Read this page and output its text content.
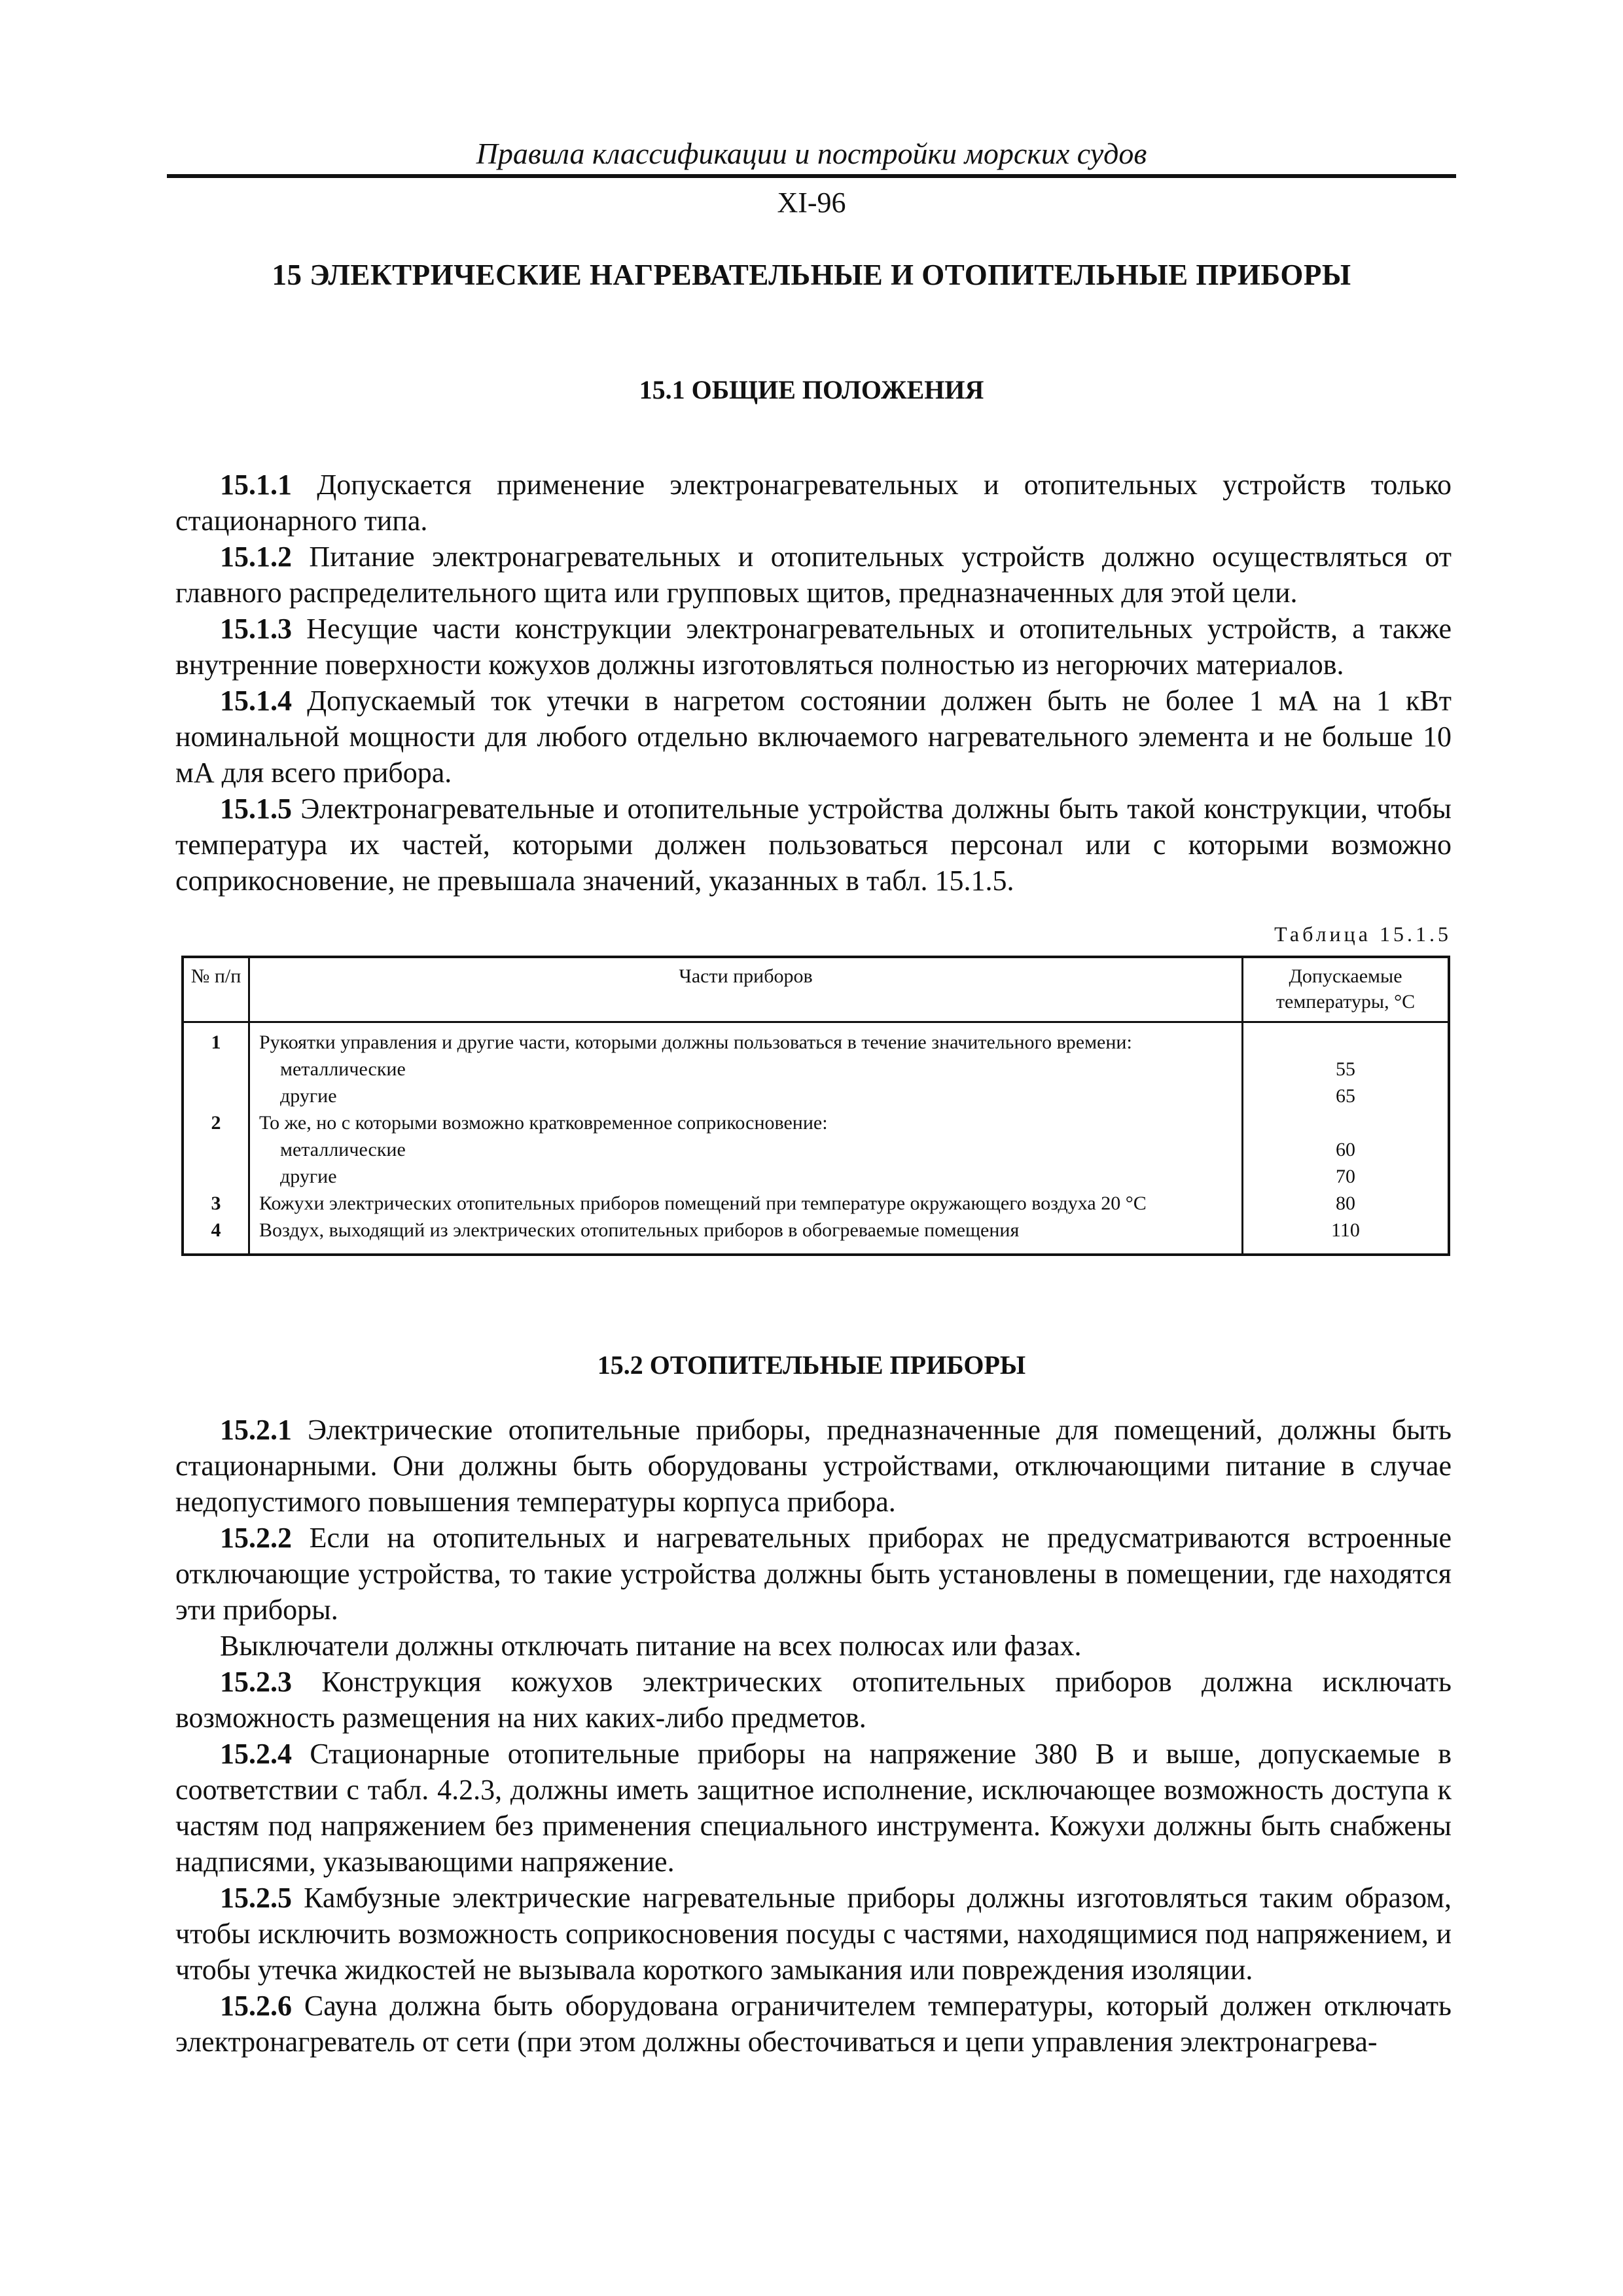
Правила классификации и постройки морских судов
XI-96
15 ЭЛЕКТРИЧЕСКИЕ НАГРЕВАТЕЛЬНЫЕ И ОТОПИТЕЛЬНЫЕ ПРИБОРЫ
15.1 ОБЩИЕ ПОЛОЖЕНИЯ

15.1.1 Допускается применение электронагревательных и отопительных устройств только стационарного типа.

15.1.2 Питание электронагревательных и отопительных устройств должно осуществляться от главного распределительного щита или групповых щитов, предназначенных для этой цели.

15.1.3 Несущие части конструкции электронагревательных и отопительных устройств, а также внутренние поверхности кожухов должны изготовляться полностью из негорючих материалов.

15.1.4 Допускаемый ток утечки в нагретом состоянии должен быть не более 1 мА на 1 кВт номинальной мощности для любого отдельно включаемого нагревательного элемента и не больше 10 мА для всего прибора.

15.1.5 Электронагревательные и отопительные устройства должны быть такой конструкции, чтобы температура их частей, которыми должен пользоваться персонал или с которыми возможно соприкосновение, не превышала значений, указанных в табл. 15.1.5.

Таблица 15.1.5
№ п/п	Части приборов	Допускаемые температуры, °С
1	Рукоятки управления и другие части, которыми должны пользоваться в течение значительного времени:	
	металлические	55
	другие	65
2	То же, но с которыми возможно кратковременное соприкосновение:	
	металлические	60
	другие	70
3	Кожухи электрических отопительных приборов помещений при температуре окружающего воздуха 20 °С	80
4	Воздух, выходящий из электрических отопительных приборов в обогреваемые помещения	110
15.2 ОТОПИТЕЛЬНЫЕ ПРИБОРЫ

15.2.1 Электрические отопительные приборы, предназначенные для помещений, должны быть стационарными. Они должны быть оборудованы устройствами, отключающими питание в случае недопустимого повышения температуры корпуса прибора.

15.2.2 Если на отопительных и нагревательных приборах не предусматриваются встроенные отключающие устройства, то такие устройства должны быть установлены в помещении, где находятся эти приборы.

Выключатели должны отключать питание на всех полюсах или фазах.

15.2.3 Конструкция кожухов электрических отопительных приборов должна исключать возможность размещения на них каких-либо предметов.

15.2.4 Стационарные отопительные приборы на напряжение 380 В и выше, допускаемые в соответствии с табл. 4.2.3, должны иметь защитное исполнение, исключающее возможность доступа к частям под напряжением без применения специального инструмента. Кожухи должны быть снабжены надписями, указывающими напряжение.

15.2.5 Камбузные электрические нагревательные приборы должны изготовляться таким образом, чтобы исключить возможность соприкосновения посуды с частями, находящимися под напряжением, и чтобы утечка жидкостей не вызывала короткого замыкания или повреждения изоляции.

15.2.6 Сауна должна быть оборудована ограничителем температуры, который должен отключать электронагреватель от сети (при этом должны обесточиваться и цепи управления электронагрева-
